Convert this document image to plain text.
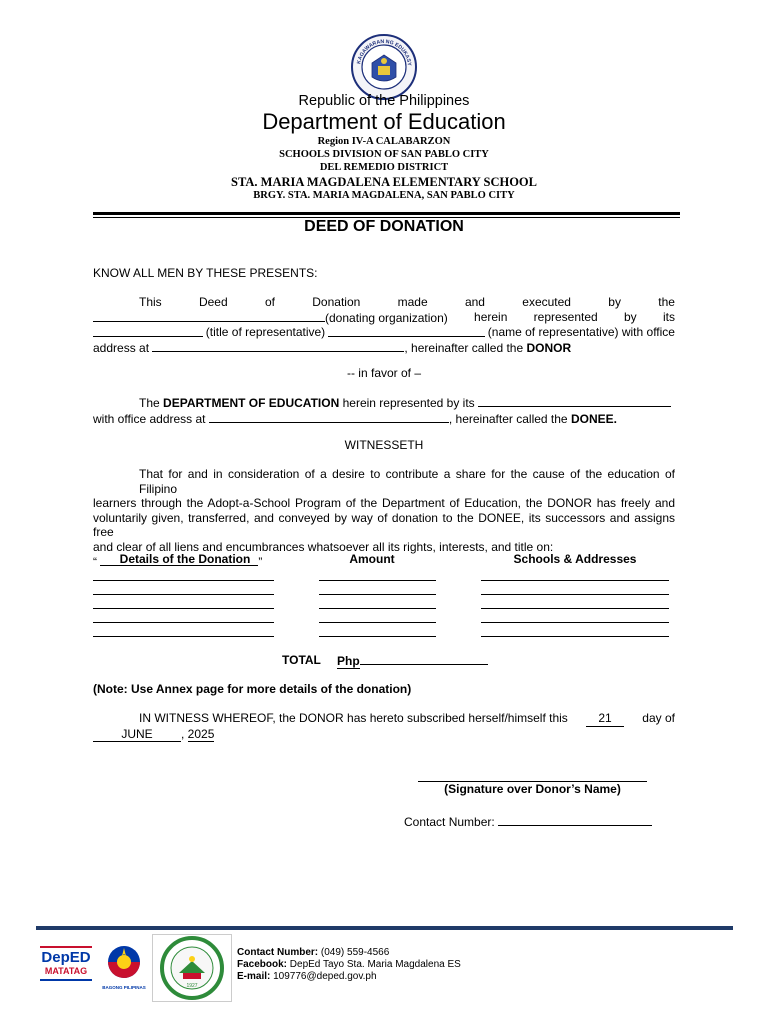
KAGAWARAN NG EDUKASY
Republic of the Philippines
Department of Education
Region IV-A CALABARZON
SCHOOLS DIVISION OF SAN PABLO CITY
DEL REMEDIO DISTRICT
STA. MARIA MAGDALENA ELEMENTARY SCHOOL
BRGY. STA. MARIA MAGDALENA, SAN PABLO CITY
DEED OF DONATION
KNOW ALL MEN BY THESE PRESENTS:
This	Deed	of	Donation	made	and	executed	by	the
(donating organization) herein represented by its
(title of representative)	(name of representative) with office
address at	, hereinafter called the DONOR
-- in favor of –
The DEPARTMENT OF EDUCATION herein represented by its
with office address at	, hereinafter called the DONEE.
WITNESSETH
That for and in consideration of a desire to contribute a share for the cause of the education of Filipino
learners through the Adopt-a-School Program of the Department of Education, the DONOR has freely and
voluntarily given, transferred, and conveyed by way of donation to the DONEE, its successors and assigns free
and clear of all liens and encumbrances whatsoever all its rights, interests, and title on:
“	”
Details of the Donation	Amount	Schools & Addresses
TOTAL Php
(Note: Use Annex page for more details of the donation)
IN WITNESS WHEREOF, the DONOR has hereto subscribed herself/himself this	21	day of
JUNE , 2025
(Signature over Donor’s Name)
Contact Number:
DepED
MATATAG
BAGONG PILIPINAS	1927
Contact Number: (049) 559-4566
Facebook: DepEd Tayo Sta. Maria Magdalena ES
E-mail: 109776@deped.gov.ph
